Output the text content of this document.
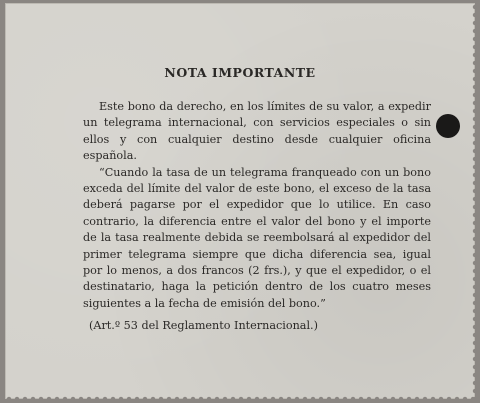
NOTA IMPORTANTE

Este bono da derecho, en los límites de su valor, a expedir un telegrama internacional, con servicios especiales o sin ellos y con cualquier destino desde cualquier oficina española.

“Cuando la tasa de un telegrama franqueado con un bono exceda del límite del valor de este bono, el exceso de la tasa deberá pagarse por el expedidor que lo utilice. En caso contrario, la diferencia entre el valor del bono y el importe de la tasa realmente debida se reembolsará al expedidor del primer telegrama siempre que dicha diferencia sea, igual por lo menos, a dos francos (2 frs.), y que el expedidor, o el destinatario, haga la petición dentro de los cuatro meses siguientes a la fecha de emisión del bono.”

(Art.º 53 del Reglamento Internacional.)
